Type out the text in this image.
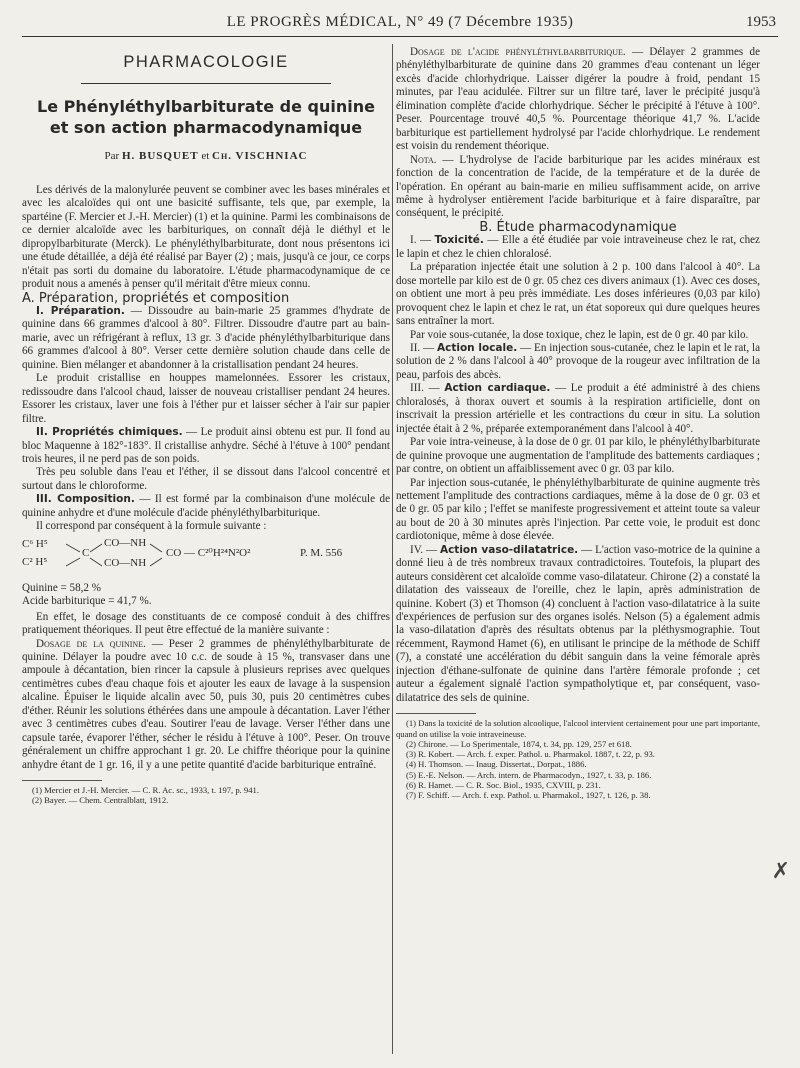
LE PROGRÈS MÉDICAL, N° 49 (7 Décembre 1935)	1953
PHARMACOLOGIE
Le Phényléthylbarbiturate de quinine
et son action pharmacodynamique
Par H. BUSQUET et Ch. VISCHNIAC

Les dérivés de la malonylurée peuvent se combiner avec les bases minérales et avec les alcaloïdes qui ont une basicité suffisante, tels que, par exemple, la spartéine (F. Mercier et J.-H. Mercier) (1) et la quinine. Parmi les combinaisons de ce dernier alcaloïde avec les barbituriques, on connaît déjà le diéthyl et le dipropylbarbiturate (Merck). Le phényléthylbarbiturate, dont nous présentons ici une étude détaillée, a déjà été réalisé par Bayer (2) ; mais, jusqu'à ce jour, ce corps n'était pas sorti du domaine du laboratoire. L'étude pharmacodynamique de ce produit nous a amenés à penser qu'il méritait d'être mieux connu.

A. Préparation, propriétés et composition

I. Préparation. — Dissoudre au bain-marie 25 grammes d'hydrate de quinine dans 66 grammes d'alcool à 80°. Filtrer. Dissoudre d'autre part au bain-marie, avec un réfrigérant à reflux, 13 gr. 3 d'acide phényléthylbarbiturique dans 66 grammes d'alcool à 80°. Verser cette dernière solution chaude dans celle de quinine. Bien mélanger et abandonner à la cristallisation pendant 24 heures.

Le produit cristallise en houppes mamelonnées. Essorer les cristaux, redissoudre dans l'alcool chaud, laisser de nouveau cristalliser pendant 24 heures. Essorer les cristaux, laver une fois à l'éther pur et laisser sécher à l'air sur papier filtre.

II. Propriétés chimiques. — Le produit ainsi obtenu est pur. Il fond au bloc Maquenne à 182°-183°. Il cristallise anhydre. Séché à l'étuve à 100° pendant trois heures, il ne perd pas de son poids.

Très peu soluble dans l'eau et l'éther, il se dissout dans l'alcool concentré et surtout dans le chloroforme.

III. Composition. — Il est formé par la combinaison d'une molécule de quinine anhydre et d'une molécule d'acide phényléthylbarbiturique.

Il correspond par conséquent à la formule suivante :

C⁶ H⁵
C² H⁵
C
CO—NH
CO—NH
CO — C²⁰H²⁴N²O²	P. M. 556

Quinine = 58,2 %

Acide barbiturique = 41,7 %.

En effet, le dosage des constituants de ce composé conduit à des chiffres pratiquement théoriques. Il peut être effectué de la manière suivante :

Dosage de la quinine. — Peser 2 grammes de phényléthylbarbiturate de quinine. Délayer la poudre avec 10 c.c. de soude à 15 %, transvaser dans une ampoule à décantation, bien rincer la capsule à plusieurs reprises avec quelques centimètres cubes d'eau chaque fois et ajouter les eaux de lavage à la suspension alcaline. Épuiser le liquide alcalin avec 50, puis 30, puis 20 centimètres cubes d'éther. Réunir les solutions éthérées dans une ampoule à décantation. Laver l'éther avec 3 centimètres cubes d'eau. Soutirer l'eau de lavage. Verser l'éther dans une capsule tarée, évaporer l'éther, sécher le résidu à l'étuve à 100°. Peser. On trouve généralement un chiffre approchant 1 gr. 20. Le chiffre théorique pour la quinine anhydre étant de 1 gr. 16, il y a une petite quantité d'acide barbiturique entraîné.

(1) Mercier et J.-H. Mercier. — C. R. Ac. sc., 1933, t. 197, p. 941.

(2) Bayer. — Chem. Centralblatt, 1912.

Dosage de l'acide phényléthylbarbiturique. — Délayer 2 grammes de phényléthylbarbiturate de quinine dans 20 grammes d'eau contenant un léger excès d'acide chlorhydrique. Laisser digérer la poudre à froid, pendant 15 minutes, par l'eau acidulée. Filtrer sur un filtre taré, laver le précipité jusqu'à élimination complète d'acide chlorhydrique. Sécher le précipité à l'étuve à 100°. Peser. Pourcentage trouvé 40,5 %. Pourcentage théorique 41,7 %. L'acide barbiturique est partiellement hydrolysé par l'acide chlorhydrique. Le rendement est voisin du rendement théorique.

Nota. — L'hydrolyse de l'acide barbiturique par les acides minéraux est fonction de la concentration de l'acide, de la température et de la durée de l'opération. En opérant au bain-marie en milieu suffisamment acide, on arrive même à hydrolyser entièrement l'acide barbiturique et à faire disparaître, par conséquent, le précipité.

B. Étude pharmacodynamique

I. — Toxicité. — Elle a été étudiée par voie intraveineuse chez le rat, chez le lapin et chez le chien chloralosé.

La préparation injectée était une solution à 2 p. 100 dans l'alcool à 40°. La dose mortelle par kilo est de 0 gr. 05 chez ces divers animaux (1). Avec ces doses, on obtient une mort à peu près immédiate. Les doses inférieures (0,03 par kilo) provoquent chez le lapin et chez le rat, un état soporeux qui dure quelques heures sans entraîner la mort.

Par voie sous-cutanée, la dose toxique, chez le lapin, est de 0 gr. 40 par kilo.

II. — Action locale. — En injection sous-cutanée, chez le lapin et le rat, la solution de 2 % dans l'alcool à 40° provoque de la rougeur avec infiltration de la peau, parfois des abcès.

III. — Action cardiaque. — Le produit a été administré à des chiens chloralosés, à thorax ouvert et soumis à la respiration artificielle, dont on inscrivait la pression artérielle et les contractions du cœur in situ. La solution injectée était à 2 %, préparée extemporanément dans l'alcool à 40°.

Par voie intra-veineuse, à la dose de 0 gr. 01 par kilo, le phényléthylbarbiturate de quinine provoque une augmentation de l'amplitude des battements cardiaques ; par contre, on obtient un affaiblissement avec 0 gr. 03 par kilo.

Par injection sous-cutanée, le phényléthylbarbiturate de quinine augmente très nettement l'amplitude des contractions cardiaques, même à la dose de 0 gr. 03 et de 0 gr. 05 par kilo ; l'effet se manifeste progressivement et atteint toute sa valeur au bout de 20 à 30 minutes après l'injection. Par cette voie, le produit est donc cardiotonique, même à dose élevée.

IV. — Action vaso-dilatatrice. — L'action vaso-motrice de la quinine a donné lieu à de très nombreux travaux contradictoires. Toutefois, la plupart des auteurs considèrent cet alcaloïde comme vaso-dilatateur. Chirone (2) a constaté la dilatation des vaisseaux de l'oreille, chez le lapin, après administration de quinine. Kobert (3) et Thomson (4) concluent à l'action vaso-dilatatrice à la suite d'expériences de perfusion sur des organes isolés. Nelson (5) a également admis la vaso-dilatation d'après des résultats obtenus par la pléthysmographie. Tout récemment, Raymond Hamet (6), en utilisant le principe de la méthode de Schiff (7), a constaté une accélération du débit sanguin dans la veine fémorale après injection d'éthane-sulfonate de quinine dans l'artère fémorale profonde ; cet auteur a également signalé l'action sympatholytique et, par conséquent, vaso-dilatatrice des sels de quinine.

(1) Dans la toxicité de la solution alcoolique, l'alcool intervient certainement pour une part importante, quand on utilise la voie intraveineuse.

(2) Chirone. — Lo Sperimentale, 1874, t. 34, pp. 129, 257 et 618.

(3) R. Kobert. — Arch. f. exper. Pathol. u. Pharmakol. 1887, t. 22, p. 93.

(4) H. Thomson. — Inaug. Dissertat., Dorpat., 1886.

(5) E.-E. Nelson. — Arch. intern. de Pharmacodyn., 1927, t. 33, p. 186.

(6) R. Hamet. — C. R. Soc. Biol., 1935, CXVIII, p. 231.

(7) F. Schiff. — Arch. f. exp. Pathol. u. Pharmakol., 1927, t. 126, p. 38.

✗
